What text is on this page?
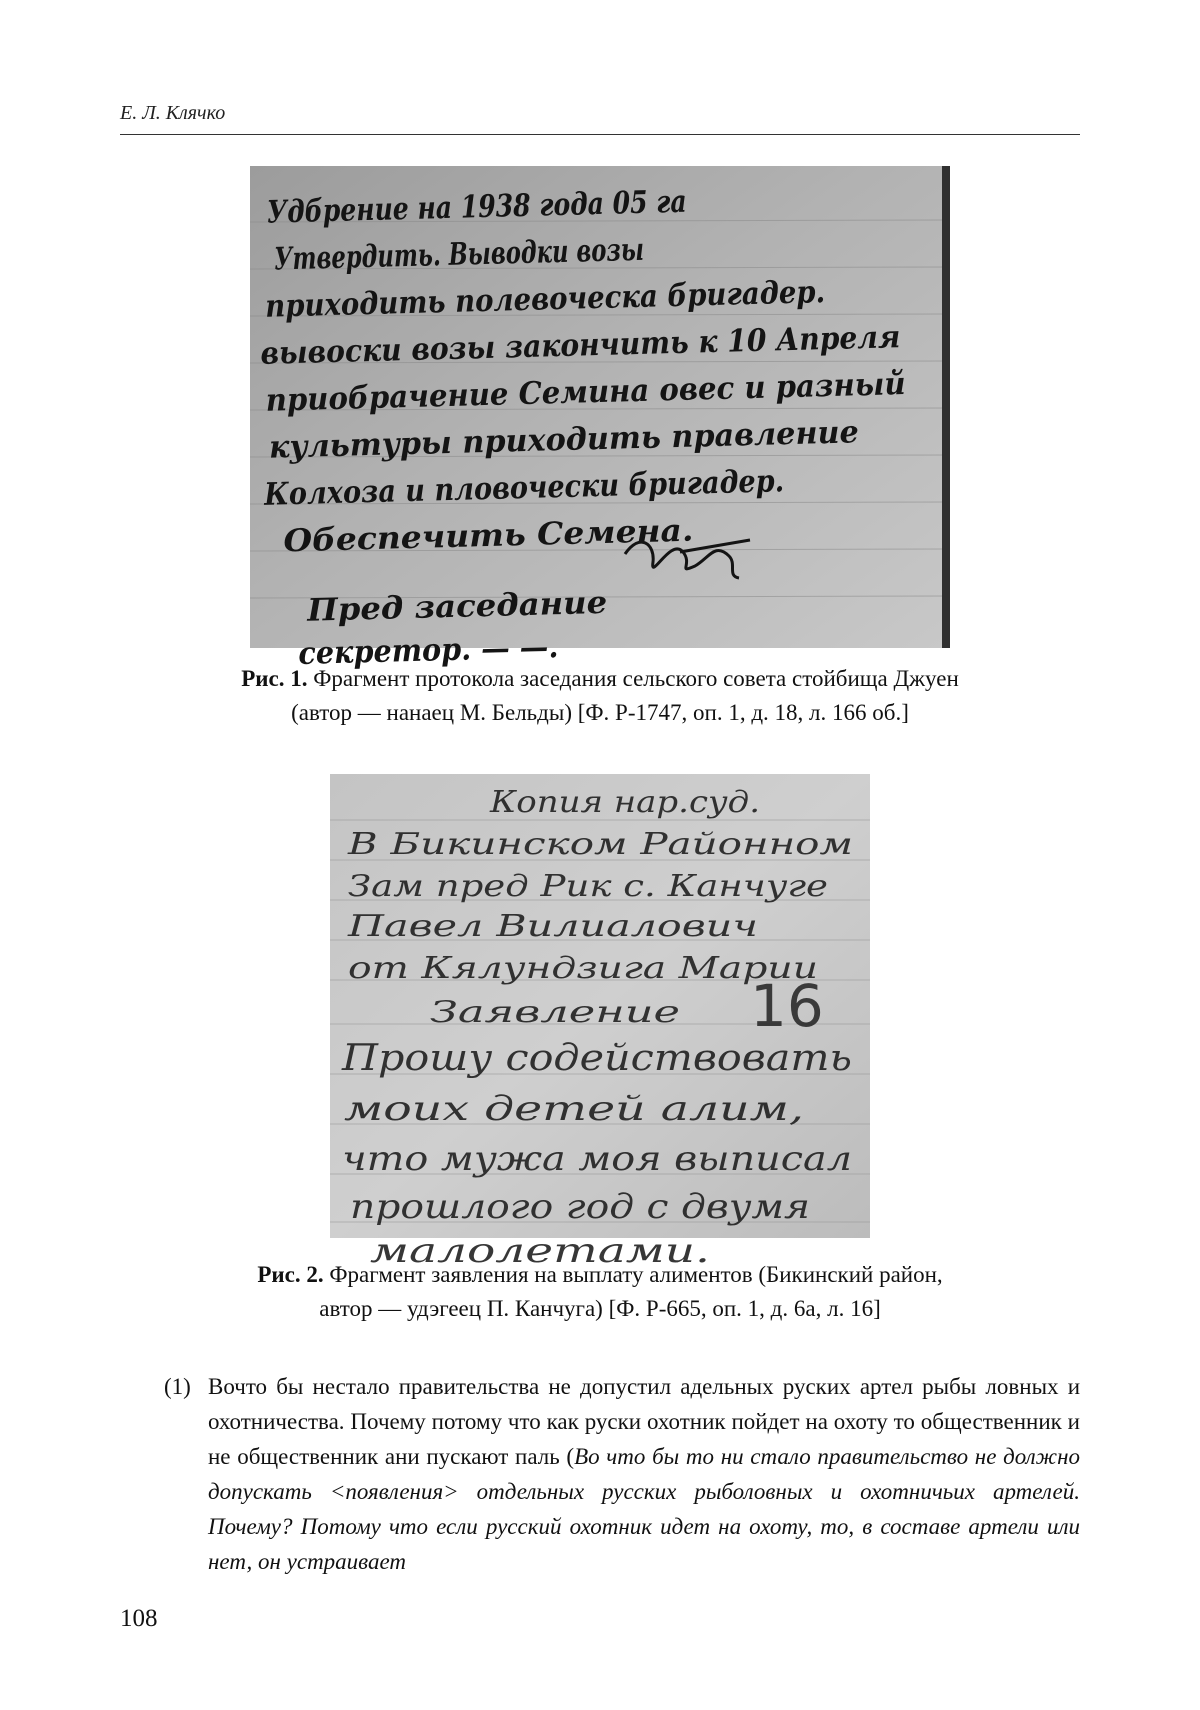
Е. Л. Клячко
Удбрение на 1938 года 05 га
Утвердить. Выводки возы
приходить полевоческа бригадер.
вывоски возы закончить к 10 Апреля
приобрачение Семина овес и разный
культуры приходить правление
Колхоза и пловочески бригадер.
Обеспечить Семена.
Пред заседание
секретор. — —.
Рис. 1. Фрагмент протокола заседания сельского совета стойбища Джуен
(автор — нанаец М. Бельды) [Ф. Р-1747, оп. 1, д. 18, л. 166 об.]
Копия нар.суд.
В Бикинском Районном
Зам пред Рик с. Канчуге
Павел Вилиалович
от Кялундзига Марии
Заявление
Прошу содействовать
моих детей алим,
что мужа моя выписал
прошлого год с двумя
малолетами.
16
Рис. 2. Фрагмент заявления на выплату алиментов (Бикинский район,
автор — удэгеец П. Канчуга) [Ф. Р-665, оп. 1, д. 6а, л. 16]
(1) Вочто бы нестало правительства не допустил адельных руских артел рыбы ловных и охотничества. Почему потому что как руски охотник пойдет на охоту то общественник и не общественник ани пускают паль (Во что бы то ни стало правительство не должно допускать <появления> отдельных русских рыболовных и охотничьих артелей. Почему? Потому что если русский охотник идет на охоту, то, в составе артели или нет, он устраивает
108
